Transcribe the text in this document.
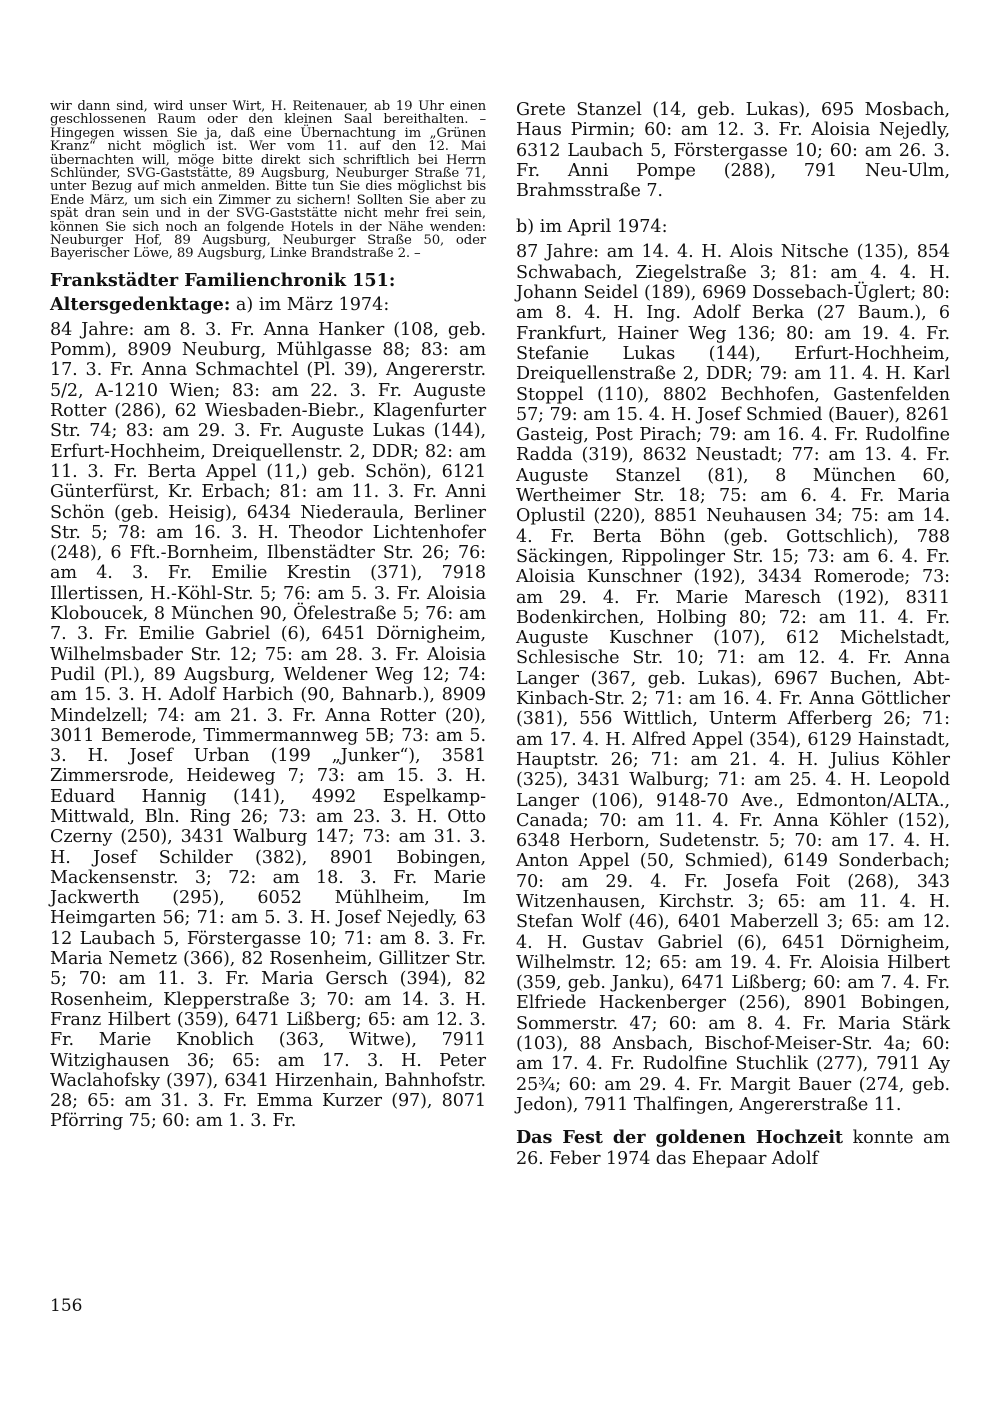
wir dann sind, wird unser Wirt, H. Reitenauer, ab 19 Uhr einen geschlossenen Raum oder den kleinen Saal bereithalten. – Hingegen wissen Sie ja, daß eine Übernachtung im „Grünen Kranz“ nicht möglich ist. Wer vom 11. auf den 12. Mai übernachten will, möge bitte direkt sich schriftlich bei Herrn Schlünder, SVG-Gaststätte, 89 Augsburg, Neuburger Straße 71, unter Bezug auf mich anmelden. Bitte tun Sie dies möglichst bis Ende März, um sich ein Zimmer zu sichern! Sollten Sie aber zu spät dran sein und in der SVG-Gaststätte nicht mehr frei sein, können Sie sich noch an folgende Hotels in der Nähe wenden: Neuburger Hof, 89 Augsburg, Neuburger Straße 50, oder Bayerischer Löwe, 89 Augsburg, Linke Brandstraße 2. –

Frankstädter Familienchronik 151:
Altersgedenktage: a) im März 1974:

84 Jahre: am 8. 3. Fr. Anna Hanker (108, geb. Pomm), 8909 Neuburg, Mühlgasse 88; 83: am 17. 3. Fr. Anna Schmachtel (Pl. 39), Angererstr. 5/2, A-1210 Wien; 83: am 22. 3. Fr. Auguste Rotter (286), 62 Wiesbaden-Biebr., Klagenfurter Str. 74; 83: am 29. 3. Fr. Auguste Lukas (144), Erfurt-Hochheim, Dreiquellenstr. 2, DDR; 82: am 11. 3. Fr. Berta Appel (11,) geb. Schön), 6121 Günterfürst, Kr. Erbach; 81: am 11. 3. Fr. Anni Schön (geb. Heisig), 6434 Niederaula, Berliner Str. 5; 78: am 16. 3. H. Theodor Lichtenhofer (248), 6 Fft.-Bornheim, Ilbenstädter Str. 26; 76: am 4. 3. Fr. Emilie Krestin (371), 7918 Illertissen, H.-Köhl-Str. 5; 76: am 5. 3. Fr. Aloisia Kloboucek, 8 München 90, Öfelestraße 5; 76: am 7. 3. Fr. Emilie Gabriel (6), 6451 Dörnigheim, Wilhelmsbader Str. 12; 75: am 28. 3. Fr. Aloisia Pudil (Pl.), 89 Augsburg, Weldener Weg 12; 74: am 15. 3. H. Adolf Harbich (90, Bahnarb.), 8909 Mindelzell; 74: am 21. 3. Fr. Anna Rotter (20), 3011 Bemerode, Timmermannweg 5B; 73: am 5. 3. H. Josef Urban (199 „Junker“), 3581 Zimmersrode, Heideweg 7; 73: am 15. 3. H. Eduard Hannig (141), 4992 Espelkamp-Mittwald, Bln. Ring 26; 73: am 23. 3. H. Otto Czerny (250), 3431 Walburg 147; 73: am 31. 3. H. Josef Schilder (382), 8901 Bobingen, Mackensenstr. 3; 72: am 18. 3. Fr. Marie Jackwerth (295), 6052 Mühlheim, Im Heimgarten 56; 71: am 5. 3. H. Josef Nejedly, 63 12 Laubach 5, Förstergasse 10; 71: am 8. 3. Fr. Maria Nemetz (366), 82 Rosenheim, Gillitzer Str. 5; 70: am 11. 3. Fr. Maria Gersch (394), 82 Rosenheim, Klepperstraße 3; 70: am 14. 3. H. Franz Hilbert (359), 6471 Lißberg; 65: am 12. 3. Fr. Marie Knoblich (363, Witwe), 7911 Witzighausen 36; 65: am 17. 3. H. Peter Waclahofsky (397), 6341 Hirzenhain, Bahnhofstr. 28; 65: am 31. 3. Fr. Emma Kurzer (97), 8071 Pförring 75; 60: am 1. 3. Fr.

Grete Stanzel (14, geb. Lukas), 695 Mosbach, Haus Pirmin; 60: am 12. 3. Fr. Aloisia Nejedly, 6312 Laubach 5, Förstergasse 10; 60: am 26. 3. Fr. Anni Pompe (288), 791 Neu-Ulm, Brahmsstraße 7.

b) im April 1974:

87 Jahre: am 14. 4. H. Alois Nitsche (135), 854 Schwabach, Ziegelstraße 3; 81: am 4. 4. H. Johann Seidel (189), 6969 Dossebach-Üglert; 80: am 8. 4. H. Ing. Adolf Berka (27 Baum.), 6 Frankfurt, Hainer Weg 136; 80: am 19. 4. Fr. Stefanie Lukas (144), Erfurt-Hochheim, Dreiquellenstraße 2, DDR; 79: am 11. 4. H. Karl Stoppel (110), 8802 Bechhofen, Gastenfelden 57; 79: am 15. 4. H. Josef Schmied (Bauer), 8261 Gasteig, Post Pirach; 79: am 16. 4. Fr. Rudolfine Radda (319), 8632 Neustadt; 77: am 13. 4. Fr. Auguste Stanzel (81), 8 München 60, Wertheimer Str. 18; 75: am 6. 4. Fr. Maria Oplustil (220), 8851 Neuhausen 34; 75: am 14. 4. Fr. Berta Böhn (geb. Gottschlich), 788 Säckingen, Rippolinger Str. 15; 73: am 6. 4. Fr. Aloisia Kunschner (192), 3434 Romerode; 73: am 29. 4. Fr. Marie Maresch (192), 8311 Bodenkirchen, Holbing 80; 72: am 11. 4. Fr. Auguste Kuschner (107), 612 Michelstadt, Schlesische Str. 10; 71: am 12. 4. Fr. Anna Langer (367, geb. Lukas), 6967 Buchen, Abt-Kinbach-Str. 2; 71: am 16. 4. Fr. Anna Göttlicher (381), 556 Wittlich, Unterm Afferberg 26; 71: am 17. 4. H. Alfred Appel (354), 6129 Hainstadt, Hauptstr. 26; 71: am 21. 4. H. Julius Köhler (325), 3431 Walburg; 71: am 25. 4. H. Leopold Langer (106), 9148-70 Ave., Edmonton/ALTA., Canada; 70: am 11. 4. Fr. Anna Köhler (152), 6348 Herborn, Sudetenstr. 5; 70: am 17. 4. H. Anton Appel (50, Schmied), 6149 Sonderbach; 70: am 29. 4. Fr. Josefa Foit (268), 343 Witzenhausen, Kirchstr. 3; 65: am 11. 4. H. Stefan Wolf (46), 6401 Maberzell 3; 65: am 12. 4. H. Gustav Gabriel (6), 6451 Dörnigheim, Wilhelmstr. 12; 65: am 19. 4. Fr. Aloisia Hilbert (359, geb. Janku), 6471 Lißberg; 60: am 7. 4. Fr. Elfriede Hackenberger (256), 8901 Bobingen, Sommerstr. 47; 60: am 8. 4. Fr. Maria Stärk (103), 88 Ansbach, Bischof-Meiser-Str. 4a; 60: am 17. 4. Fr. Rudolfine Stuchlik (277), 7911 Ay 25¾; 60: am 29. 4. Fr. Margit Bauer (274, geb. Jedon), 7911 Thalfingen, Angererstraße 11.

Das Fest der goldenen Hochzeit konnte am 26. Feber 1974 das Ehepaar Adolf

156
